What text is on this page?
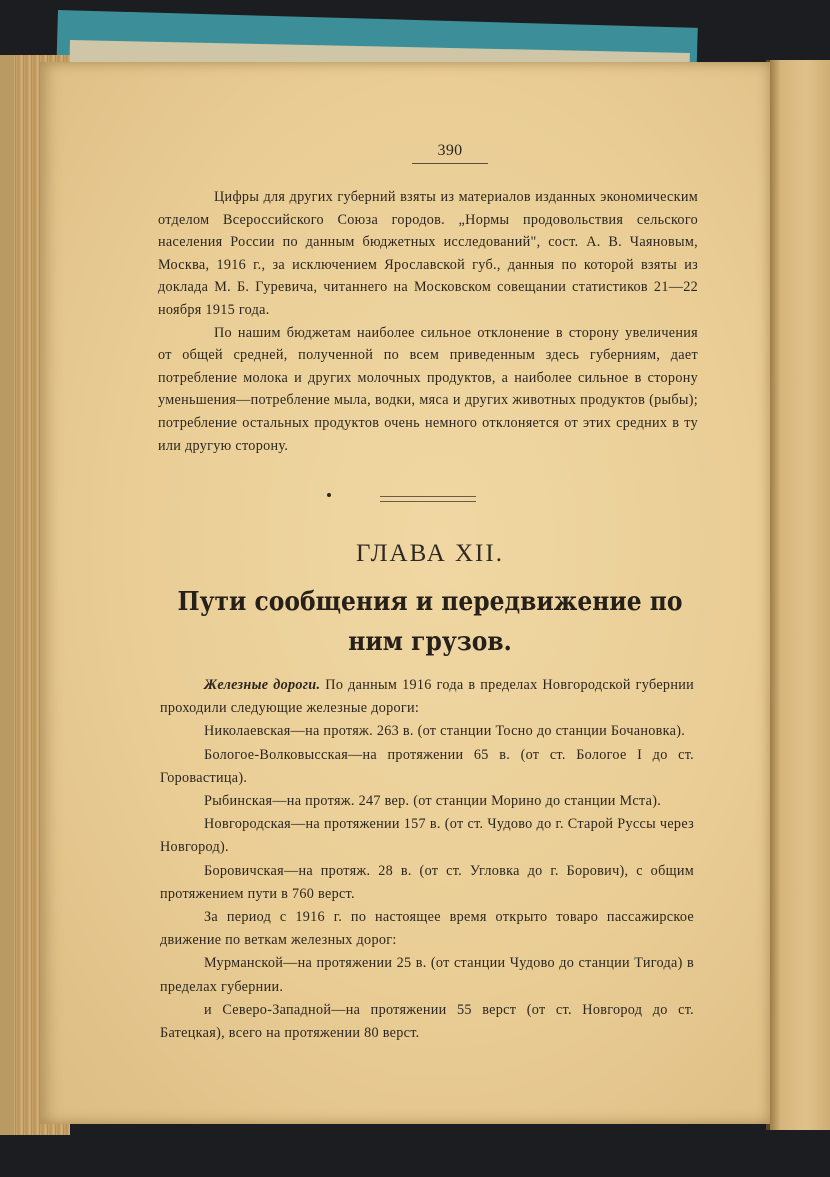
390

Цифры для других губерний взяты из материалов изданных экономическим отделом Всероссийского Союза городов. „Нормы продовольствия сельского населения России по данным бюджетных исследований", сост. А. В. Чаяновым, Москва, 1916 г., за исключением Ярославской губ., данныя по которой взяты из доклада М. Б. Гуревича, читаннего на Московском совещании статистиков 21—22 ноября 1915 года.

По нашим бюджетам наиболее сильное отклонение в сторону увеличения от общей средней, полученной по всем приведенным здесь губерниям, дает потребление молока и других молочных продуктов, а наиболее сильное в сторону уменьшения—потребление мыла, водки, мяса и других животных продуктов (рыбы); потребление остальных продуктов очень немного отклоняется от этих средних в ту или другую сторону.

ГЛАВА XII.
Пути сообщения и передвижение по ним грузов.

Железные дороги. По данным 1916 года в пределах Новгородской губернии проходили следующие железные дороги:

Николаевская—на протяж. 263 в. (от станции Тосно до станции Бочановка).

Бологое-Волковысская—на протяжении 65 в. (от ст. Бологое I до ст. Горовастица).

Рыбинская—на протяж. 247 вер. (от станции Морино до станции Мста).

Новгородская—на протяжении 157 в. (от ст. Чудово до г. Старой Руссы через Новгород).

Боровичская—на протяж. 28 в. (от ст. Угловка до г. Борович), с общим протяжением пути в 760 верст.

За период с 1916 г. по настоящее время открыто товаро пассажирское движение по веткам железных дорог:

Мурманской—на протяжении 25 в. (от станции Чудово до станции Тигода) в пределах губернии.

и Северо-Западной—на протяжении 55 верст (от ст. Новгород до ст. Батецкая), всего на протяжении 80 верст.
